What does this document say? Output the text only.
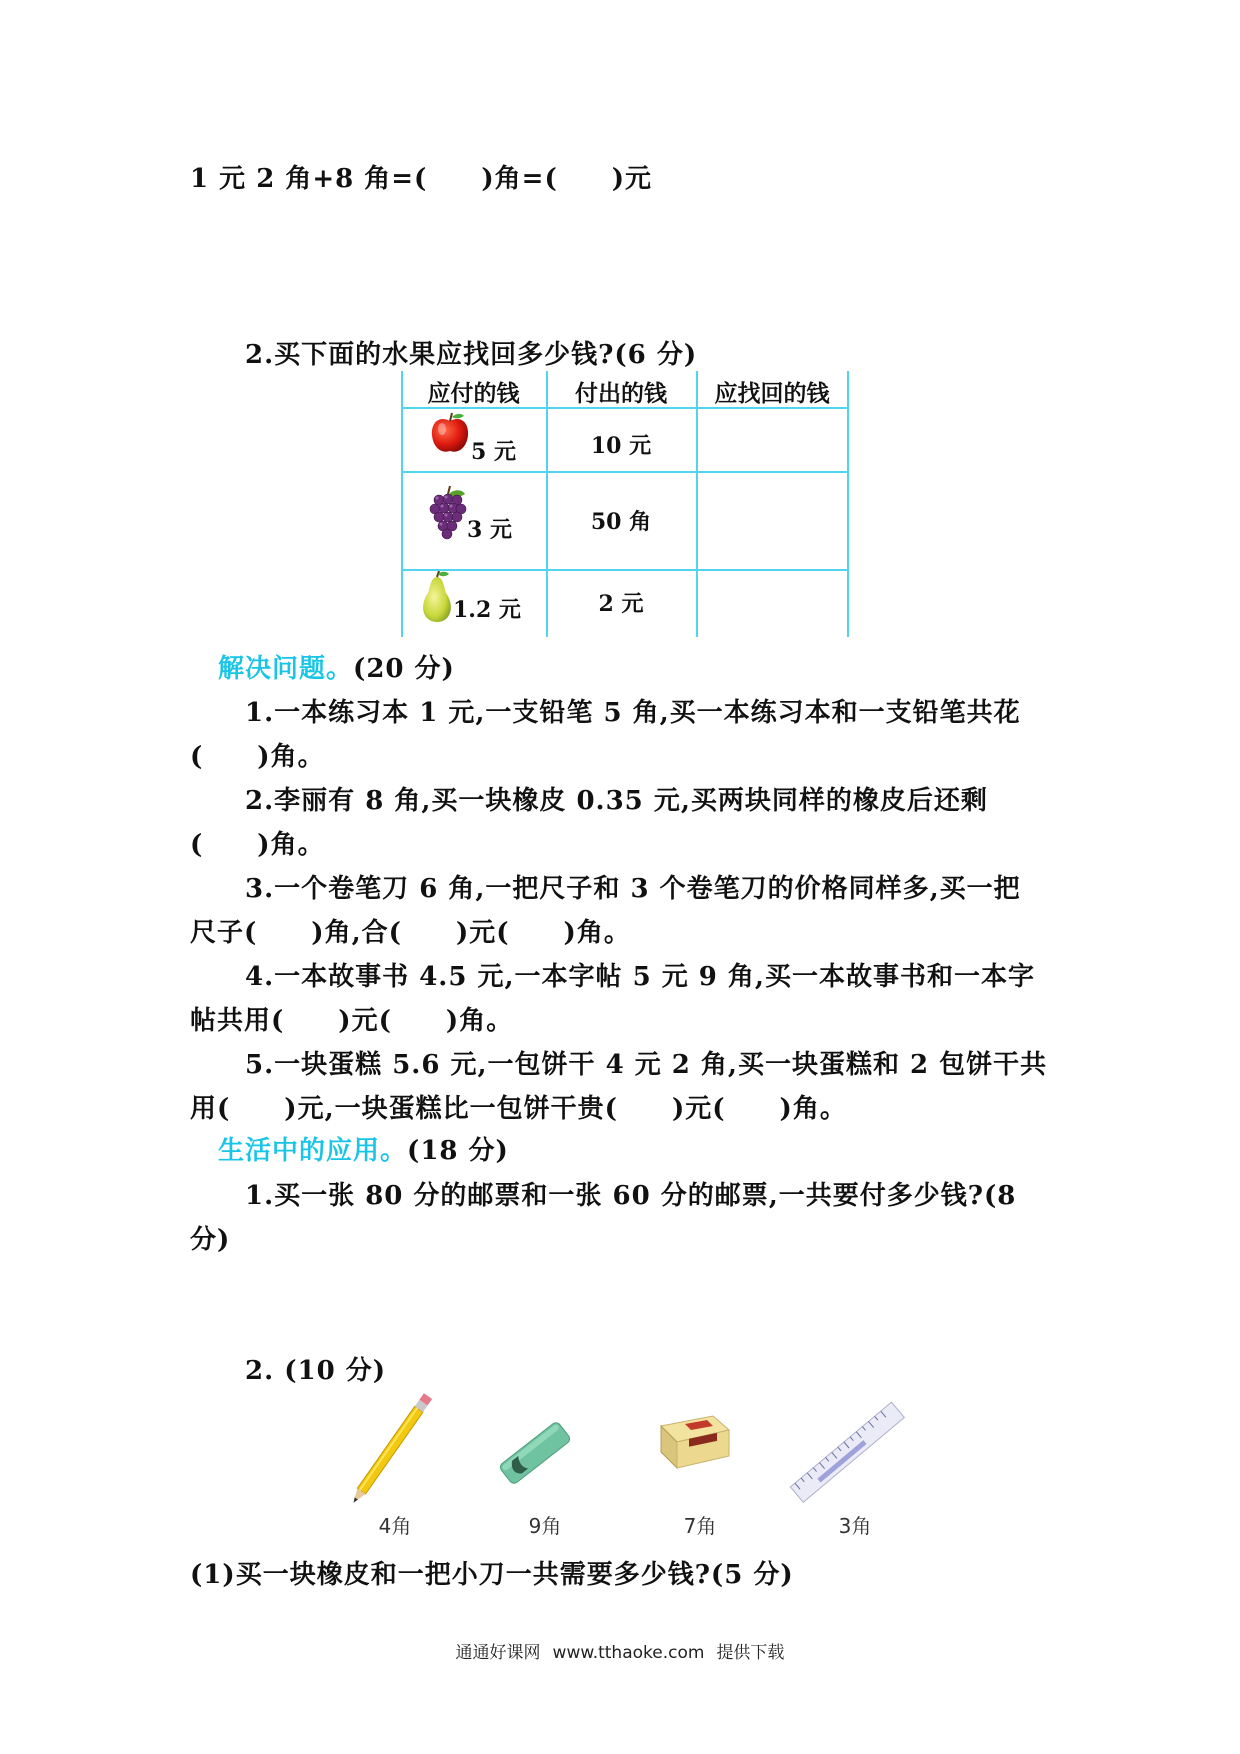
1 元 2 角+8 角=(　　)角=(　　)元
2.买下面的水果应找回多少钱?(6 分)
应付的钱	付出的钱	应找回的钱
5 元	10 元
3 元	50 角
1.2 元	2 元
解决问题。(20 分)
1.一本练习本 1 元,一支铅笔 5 角,买一本练习本和一支铅笔共花
(　　)角。
2.李丽有 8 角,买一块橡皮 0.35 元,买两块同样的橡皮后还剩
(　　)角。
3.一个卷笔刀 6 角,一把尺子和 3 个卷笔刀的价格同样多,买一把
尺子(　　)角,合(　　)元(　　)角。
4.一本故事书 4.5 元,一本字帖 5 元 9 角,买一本故事书和一本字
帖共用(　　)元(　　)角。
5.一块蛋糕 5.6 元,一包饼干 4 元 2 角,买一块蛋糕和 2 包饼干共
用(　　)元,一块蛋糕比一包饼干贵(　　)元(　　)角。
生活中的应用。(18 分)
1.买一张 80 分的邮票和一张 60 分的邮票,一共要付多少钱?(8
分)
2. (10 分)
4角	9角	7角	3角
(1)买一块橡皮和一把小刀一共需要多少钱?(5 分)
通通好课网 www.tthaoke.com 提供下载
